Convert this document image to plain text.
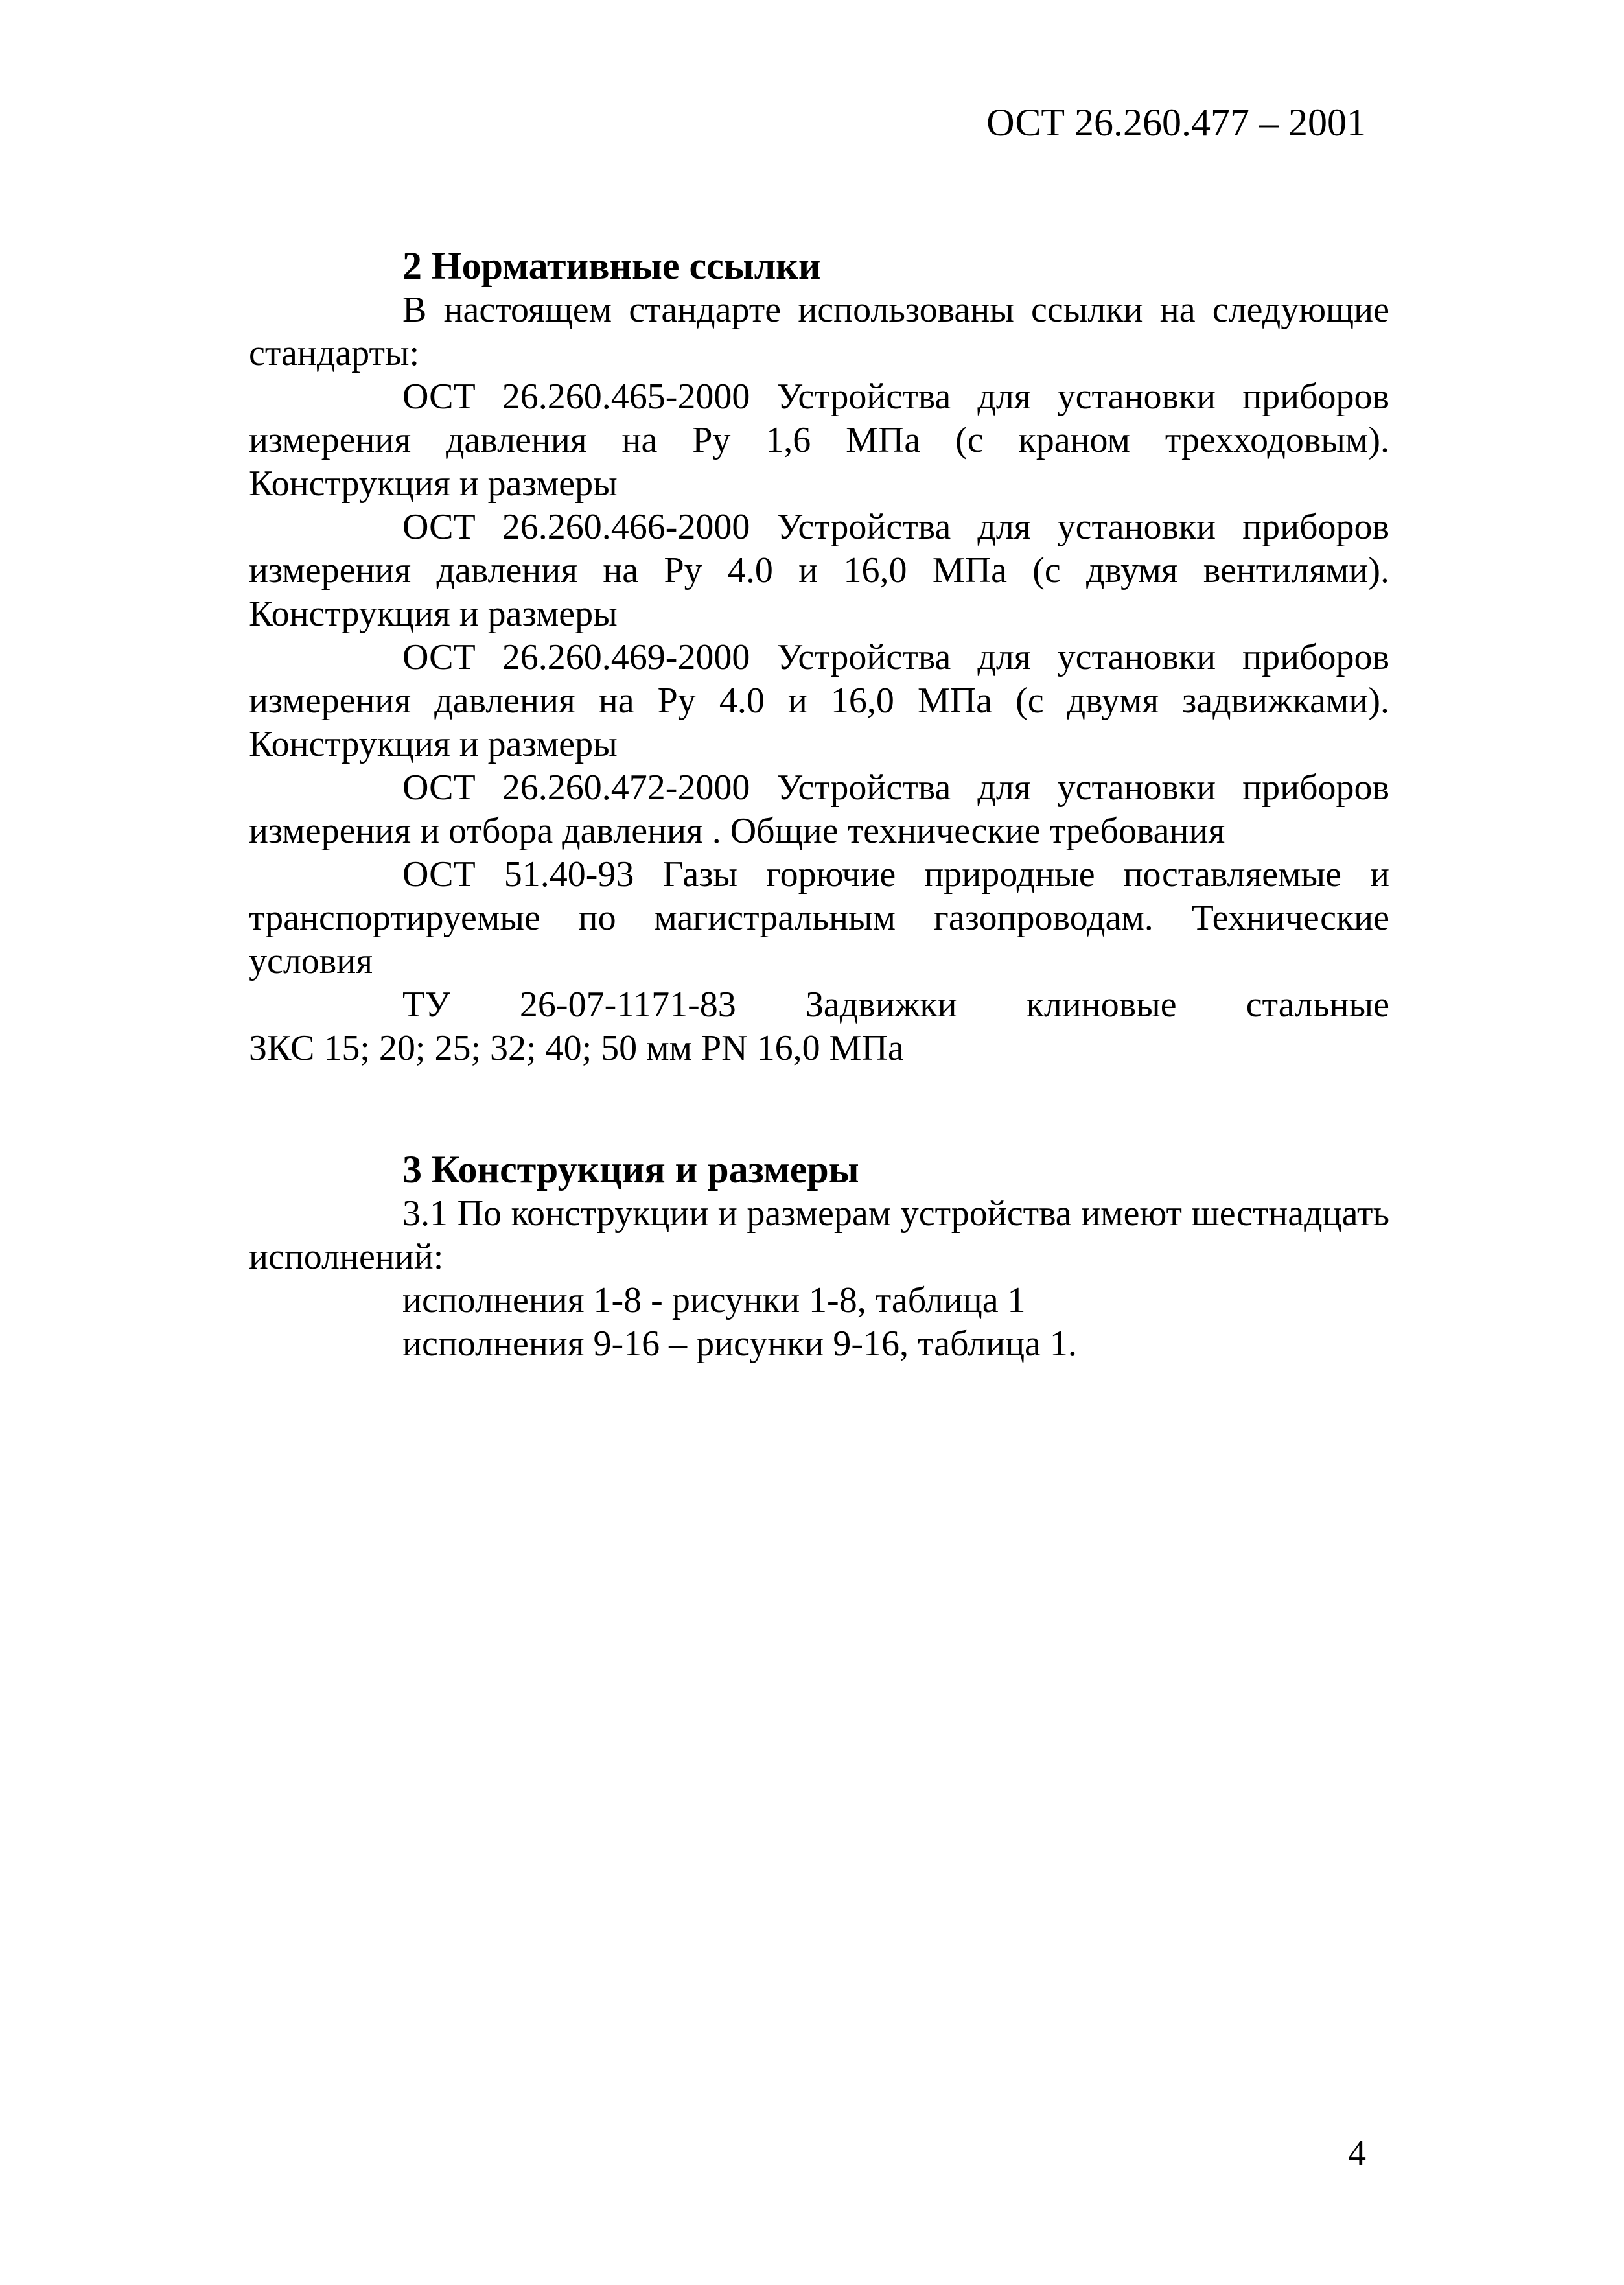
ОСТ 26.260.477 – 2001
2 Нормативные ссылки

В настоящем стандарте использованы ссылки на следующие стандарты:

ОСТ 26.260.465-2000 Устройства для установки приборов измерения давления на Ру 1,6 МПа (с краном трехходовым). Конструкция и размеры

ОСТ 26.260.466-2000 Устройства для установки приборов измерения давления на Ру 4.0 и 16,0 МПа (с двумя вентилями). Конструкция и размеры

ОСТ 26.260.469-2000 Устройства для установки приборов измерения давления на Ру 4.0 и 16,0 МПа (с двумя задвижками). Конструкция и размеры

ОСТ 26.260.472-2000 Устройства для установки приборов измерения и отбора давления . Общие технические требования

ОСТ 51.40-93 Газы горючие природные поставляемые и транспортируемые по магистральным газопроводам. Технические условия

ТУ 26-07-1171-83 Задвижки клиновые стальные

ЗКС 15; 20; 25; 32; 40; 50 мм PN 16,0 МПа

3 Конструкция и размеры

3.1 По конструкции и размерам устройства имеют шестнадцать исполнений:

исполнения 1-8 - рисунки 1-8, таблица 1

исполнения 9-16 – рисунки 9-16, таблица 1.

4
